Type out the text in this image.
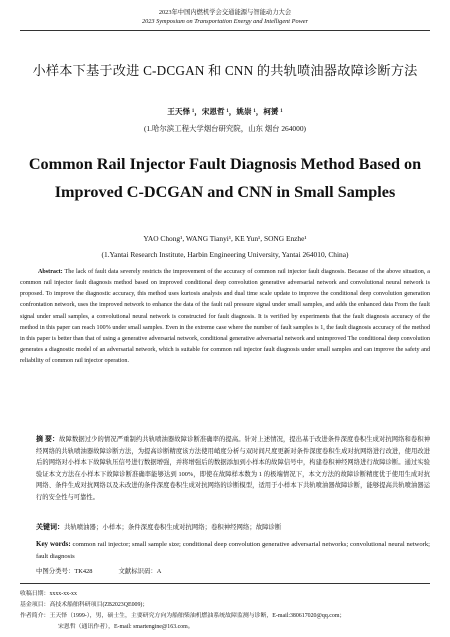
2023年中国内燃机学会交通能源与智能动力大会
2023 Symposium on Transportation Energy and Intelligent Power
小样本下基于改进 C-DCGAN 和 CNN 的共轨喷油器故障诊断方法
王天怿 ¹，宋恩哲 ¹，姚崇 ¹，柯赟 ¹
(1.哈尔滨工程大学烟台研究院，山东 烟台 264000)
Common Rail Injector Fault Diagnosis Method Based on Improved C-DCGAN and CNN in Small Samples
YAO Chong¹, WANG Tianyi¹, KE Yun¹, SONG Enzhe¹
(1.Yantai Research Institute, Harbin Engineering University, Yantai 264010, China)
Abstract: The lack of fault data severely restricts the improvement of the accuracy of common rail injector fault diagnosis. Because of the above situation, a common rail injector fault diagnosis method based on improved conditional deep convolution generative adversarial network and convolutional neural network is proposed. To improve the diagnostic accuracy, this method uses kurtosis analysis and dual time scale update to improve the conditional deep convolution generation confrontation network, uses the improved network to enhance the data of the fault rail pressure signal under small samples, and adds the enhanced data From the fault signal under small samples, a convolutional neural network is constructed for fault diagnosis. It is verified by experiments that the fault diagnosis accuracy of the method in this paper can reach 100% under small samples. Even in the extreme case where the number of fault samples is 1, the fault diagnosis accuracy of the method in this paper is better than that of using a generative adversarial network, conditional generative adversarial network and unimproved The conditional deep convolution generates a diagnostic model of an adversarial network, which is suitable for common rail injector fault diagnosis under small samples and can improve the safety and reliability of common rail injector operation.
摘 要：故障数据过少的情况严重制约共轨喷油器故障诊断准确率的提高。针对上述情况，提出基于改进条件深度卷积生成对抗网络和卷积神经网络的共轨喷油器故障诊断方法，为提高诊断精度该方法使用峭度分析与双时间尺度更新对条件深度卷积生成对抗网络进行改进，使用改进后的网络对小样本下故障轨压信号进行数据增强，并将增强后的数据添加到小样本的故障信号中，构建卷积神经网络进行故障诊断。通过实验验证本文方法在小样本下故障诊断准确率能够达到 100%，即使在故障样本数为 1 的极端情况下，本文方法的故障诊断精度优于使用生成对抗网络、条件生成对抗网络以及未改进的条件深度卷积生成对抗网络的诊断模型，适用于小样本下共轨喷油器故障诊断，能够提高共轨喷油器运行的安全性与可靠性。
关键词：共轨喷油器；小样本；条件深度卷积生成对抗网络；卷积神经网络；故障诊断
Key words: common rail injector; small sample size; conditional deep convolution generative adversarial networks; convolutional neural network; fault diagnosis
中图分类号：TK428	文献标识码：A
收稿日期：xxxx-xx-xx
基金项目：高技术船舶科研项目(ZB2023QE009)；
作者简介：王天怿（1999-），男，硕士生，主要研究方向为船舶柴油机燃油系统故障监测与诊断，E-mail:380617020@qq.com；
宋恩哲（通讯作者），E-mail: smartengine@163.com。
